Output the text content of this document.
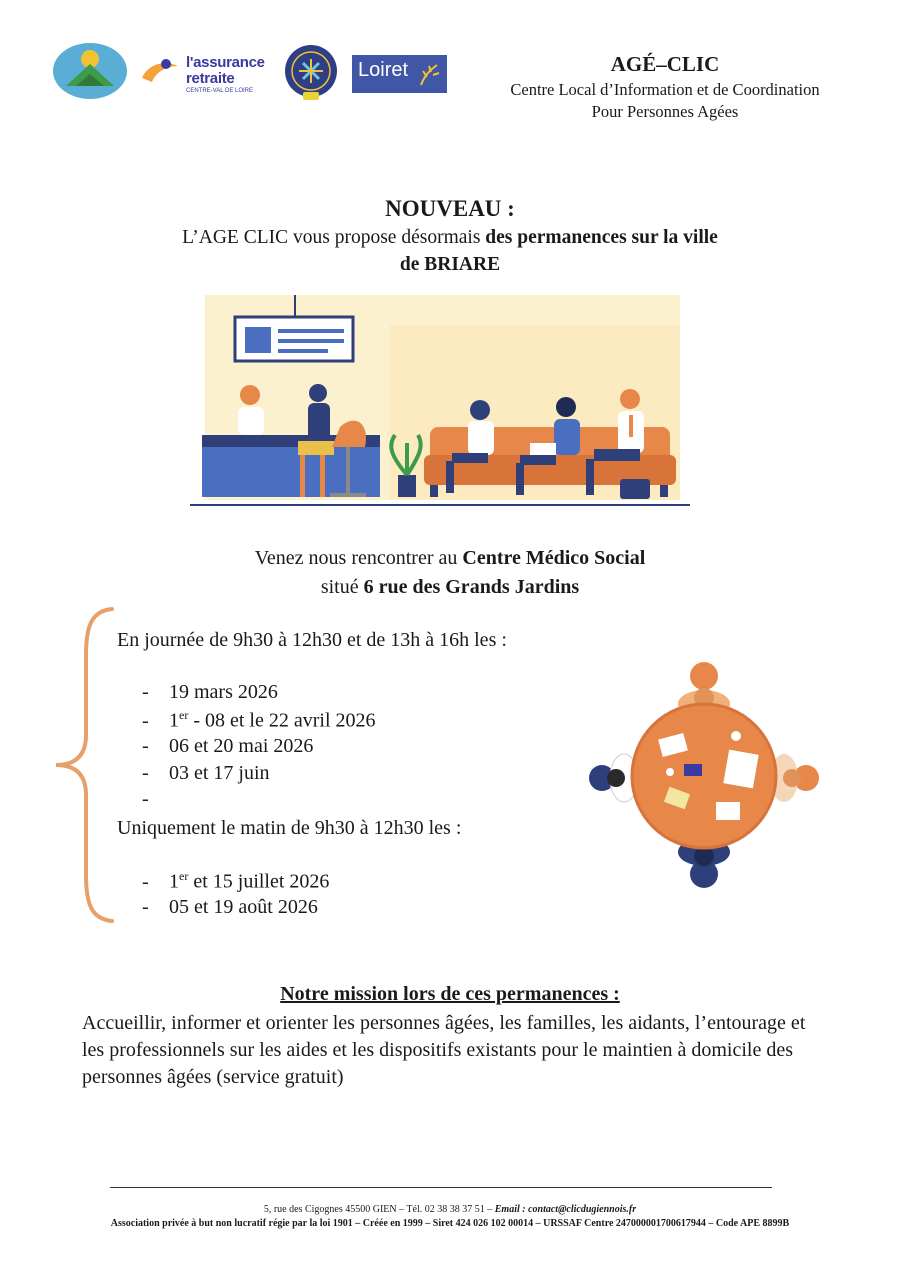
l'assurance
retraite
CENTRE-VAL DE LOIRE
Loiret	AGÉ–CLIC
Centre Local d’Information et de Coordination
Pour Personnes Agées
NOUVEAU :
L’AGE CLIC vous propose désormais des permanences sur la ville
de BRIARE
Venez nous rencontrer au Centre Médico Social
situé 6 rue des Grands Jardins
En journée de 9h30 à 12h30 et de 13h à 16h les :
- 19 mars 2026
- 1er - 08 et le 22 avril 2026
- 06 et 20 mai 2026
- 03 et 17 juin
-
Uniquement le matin de 9h30 à 12h30 les :
- 1er et 15 juillet 2026
- 05 et 19 août 2026
Notre mission lors de ces permanences :
Accueillir, informer et orienter les personnes âgées, les familles, les aidants, l’entourage et les professionnels sur les aides et les dispositifs existants pour le maintien à domicile des personnes âgées (service gratuit)
5, rue des Cigognes 45500 GIEN – Tél. 02 38 38 37 51 – Email : contact@clicdugiennois.fr
Association privée à but non lucratif régie par la loi 1901 – Créée en 1999 – Siret 424 026 102 00014 – URSSAF Centre 247000001700617944 – Code APE 8899B
